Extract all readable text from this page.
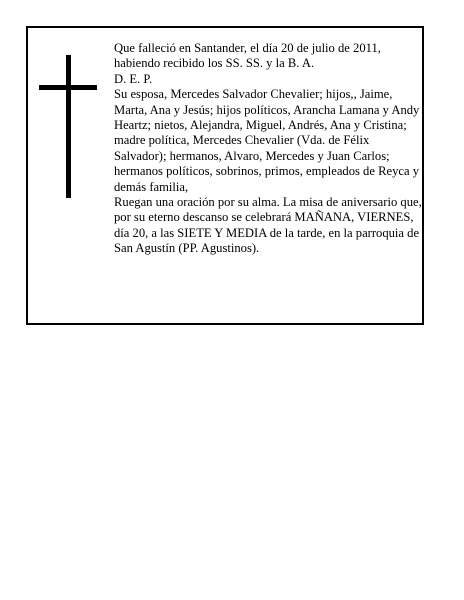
Que falleció en Santander, el día 20 de julio de 2011, habiendo recibido los SS. SS. y la B. A.

D. E. P.

Su esposa, Mercedes Salvador Chevalier; hijos,, Jaime, Marta, Ana y Jesús; hijos políticos, Arancha Lamana y Andy Heartz; nietos, Alejandra, Miguel, Andrés, Ana y Cristina; madre política, Mercedes Chevalier (Vda. de Félix Salvador); hermanos, Alvaro, Mercedes y Juan Carlos; hermanos políticos, sobrinos, primos, empleados de Reyca y demás familia,

Ruegan una oración por su alma. La misa de aniversario que, por su eterno descanso se celebrará MAÑANA, VIERNES, día 20, a las SIETE Y MEDIA de la tarde, en la parroquia de San Agustín (PP. Agustinos).
